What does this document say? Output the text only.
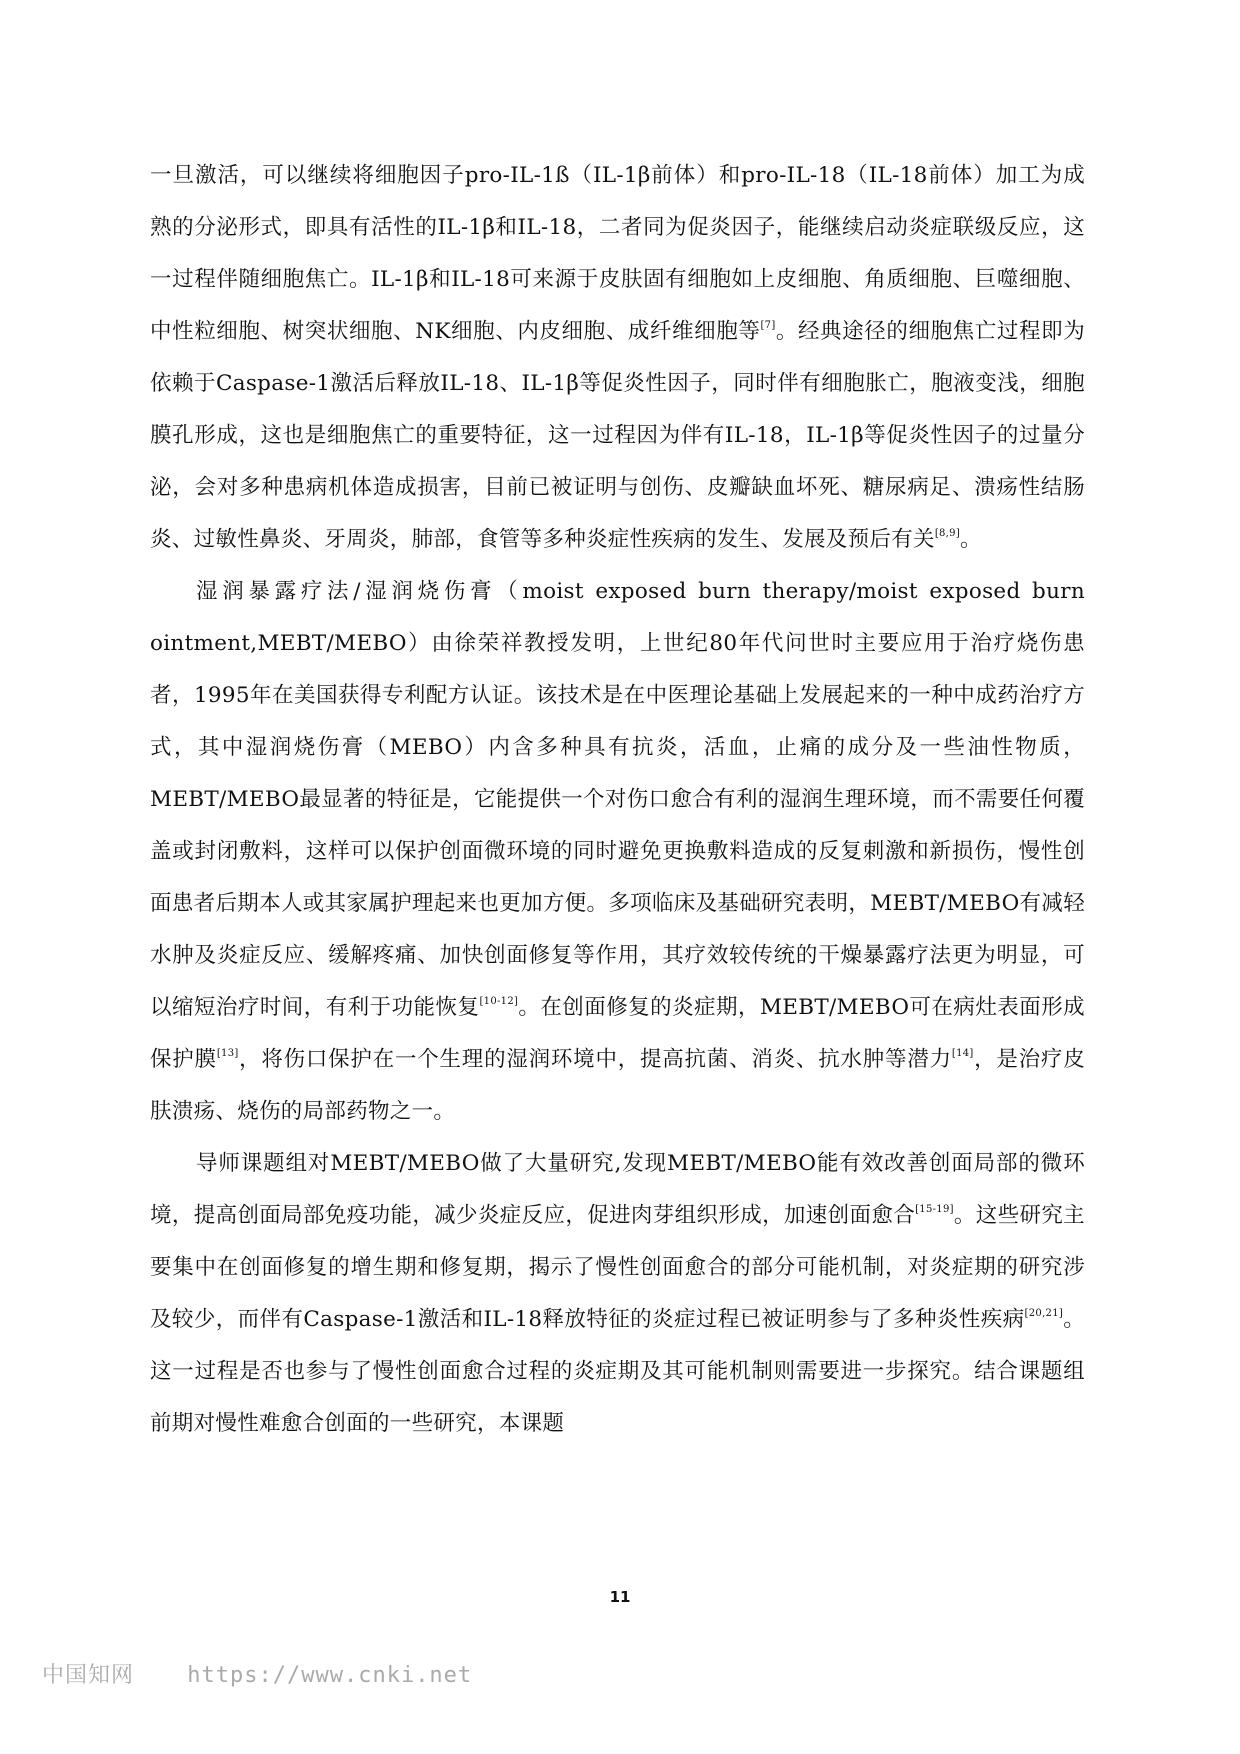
一旦激活，可以继续将细胞因子pro-IL-1ß（IL-1β前体）和pro-IL-18（IL-18前体）加工为成熟的分泌形式，即具有活性的IL-1β和IL-18，二者同为促炎因子，能继续启动炎症联级反应，这一过程伴随细胞焦亡。IL-1β和IL-18可来源于皮肤固有细胞如上皮细胞、角质细胞、巨噬细胞、中性粒细胞、树突状细胞、NK细胞、内皮细胞、成纤维细胞等[7]。经典途径的细胞焦亡过程即为依赖于Caspase-1激活后释放IL-18、IL-1β等促炎性因子，同时伴有细胞胀亡，胞液变浅，细胞膜孔形成，这也是细胞焦亡的重要特征，这一过程因为伴有IL-18，IL-1β等促炎性因子的过量分泌，会对多种患病机体造成损害，目前已被证明与创伤、皮瓣缺血坏死、糖尿病足、溃疡性结肠炎、过敏性鼻炎、牙周炎，肺部，食管等多种炎症性疾病的发生、发展及预后有关[8,9]。

湿润暴露疗法/湿润烧伤膏（moist exposed burn therapy/moist exposed burn ointment,MEBT/MEBO）由徐荣祥教授发明，上世纪80年代问世时主要应用于治疗烧伤患者，1995年在美国获得专利配方认证。该技术是在中医理论基础上发展起来的一种中成药治疗方式，其中湿润烧伤膏（MEBO）内含多种具有抗炎，活血，止痛的成分及一些油性物质，MEBT/MEBO最显著的特征是，它能提供一个对伤口愈合有利的湿润生理环境，而不需要任何覆盖或封闭敷料，这样可以保护创面微环境的同时避免更换敷料造成的反复刺激和新损伤，慢性创面患者后期本人或其家属护理起来也更加方便。多项临床及基础研究表明，MEBT/MEBO有减轻水肿及炎症反应、缓解疼痛、加快创面修复等作用，其疗效较传统的干燥暴露疗法更为明显，可以缩短治疗时间，有利于功能恢复[10-12]。在创面修复的炎症期，MEBT/MEBO可在病灶表面形成保护膜[13]，将伤口保护在一个生理的湿润环境中，提高抗菌、消炎、抗水肿等潜力[14]，是治疗皮肤溃疡、烧伤的局部药物之一。

导师课题组对MEBT/MEBO做了大量研究,发现MEBT/MEBO能有效改善创面局部的微环境，提高创面局部免疫功能，减少炎症反应，促进肉芽组织形成，加速创面愈合[15-19]。这些研究主要集中在创面修复的增生期和修复期，揭示了慢性创面愈合的部分可能机制，对炎症期的研究涉及较少，而伴有Caspase-1激活和IL-18释放特征的炎症过程已被证明参与了多种炎性疾病[20,21]。这一过程是否也参与了慢性创面愈合过程的炎症期及其可能机制则需要进一步探究。结合课题组前期对慢性难愈合创面的一些研究，本课题

11
中国知网 https://www.cnki.net
